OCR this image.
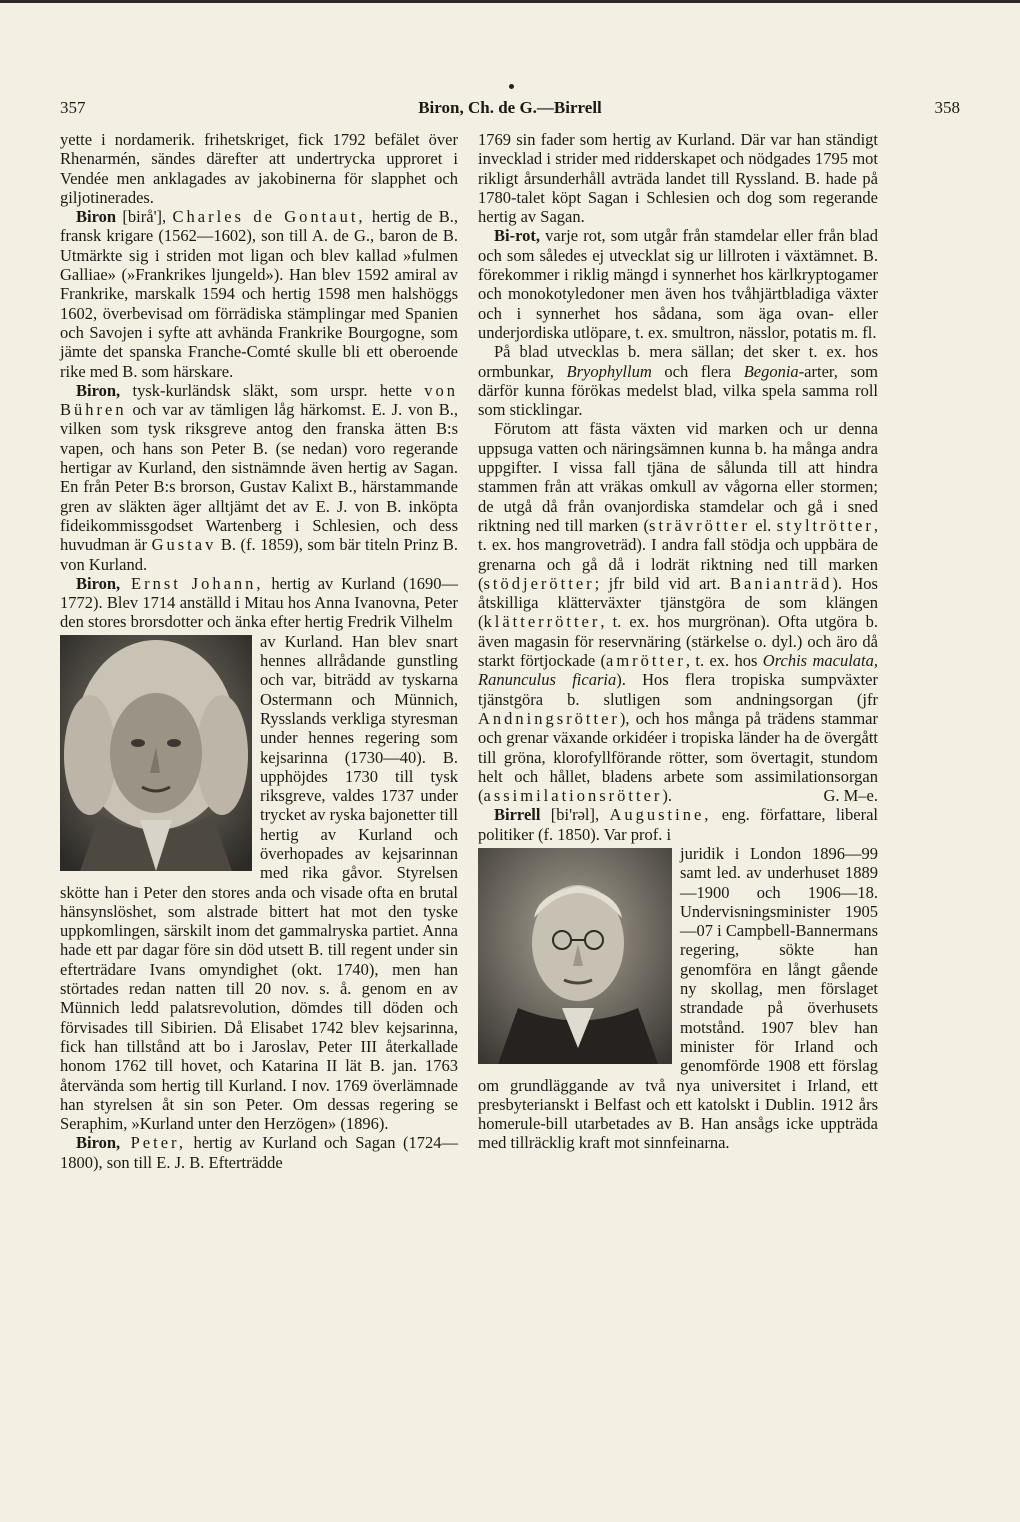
357	Biron, Ch. de G.—Birrell	358

yette i nordamerik. frihetskriget, fick 1792 befälet över Rhenarmén, sändes därefter att undertrycka upproret i Vendée men anklagades av jakobinerna för slapphet och giljotinerades.

Biron [birå'], Charles de Gontaut, hertig de B., fransk krigare (1562—1602), son till A. de G., baron de B. Utmärkte sig i striden mot ligan och blev kallad »fulmen Galliae» (»Frankrikes ljungeld»). Han blev 1592 amiral av Frankrike, marskalk 1594 och hertig 1598 men halshöggs 1602, överbevisad om förrädiska stämplingar med Spanien och Savojen i syfte att avhända Frankrike Bourgogne, som jämte det spanska Franche-Comté skulle bli ett oberoende rike med B. som härskare.

Biron, tysk-kurländsk släkt, som urspr. hette von Bühren och var av tämligen låg härkomst. E. J. von B., vilken som tysk riksgreve antog den franska ätten B:s vapen, och hans son Peter B. (se nedan) voro regerande hertigar av Kurland, den sistnämnde även hertig av Sagan. En från Peter B:s brorson, Gustav Kalixt B., härstammande gren av släkten äger alltjämt det av E. J. von B. inköpta fideikommissgodset Wartenberg i Schlesien, och dess huvudman är Gustav B. (f. 1859), som bär titeln Prinz B. von Kurland.

Biron, Ernst Johann, hertig av Kurland (1690—1772). Blev 1714 anställd i Mitau hos Anna Ivanovna, Peter den stores brorsdotter och änka efter hertig Fredrik Vilhelm

av Kurland. Han blev snart hennes allrådande gunstling och var, biträdd av tyskarna Ostermann och Münnich, Rysslands verkliga styresman under hennes regering som kejsarinna (1730—40). B. upphöjdes 1730 till tysk riksgreve, valdes 1737 under trycket av ryska bajonetter till hertig av Kurland och överhopades av kejsarinnan med rika gåvor. Styrelsen skötte han i Peter den stores anda och visade ofta en brutal hänsynslöshet, som alstrade bittert hat mot den tyske uppkomlingen, särskilt inom det gammalryska partiet. Anna hade ett par dagar före sin död utsett B. till regent under sin efterträdare Ivans omyndighet (okt. 1740), men han störtades redan natten till 20 nov. s. å. genom en av Münnich ledd palatsrevolution, dömdes till döden och förvisades till Sibirien. Då Elisabet 1742 blev kejsarinna, fick han tillstånd att bo i Jaroslav, Peter III återkallade honom 1762 till hovet, och Katarina II lät B. jan. 1763 återvända som hertig till Kurland. I nov. 1769 överlämnade han styrelsen åt sin son Peter. Om dessas regering se Seraphim, »Kurland unter den Herzögen» (1896).

Biron, Peter, hertig av Kurland och Sagan (1724—1800), son till E. J. B. Efterträdde

1769 sin fader som hertig av Kurland. Där var han ständigt invecklad i strider med ridderskapet och nödgades 1795 mot rikligt årsunderhåll avträda landet till Ryssland. B. hade på 1780-talet köpt Sagan i Schlesien och dog som regerande hertig av Sagan.

Bi-rot, varje rot, som utgår från stamdelar eller från blad och som således ej utvecklat sig ur lillroten i växtämnet. B. förekommer i riklig mängd i synnerhet hos kärlkryptogamer och monokotyledoner men även hos tvåhjärtbladiga växter och i synnerhet hos sådana, som äga ovan- eller underjordiska utlöpare, t. ex. smultron, nässlor, potatis m. fl.

På blad utvecklas b. mera sällan; det sker t. ex. hos ormbunkar, Bryophyllum och flera Begonia-arter, som därför kunna förökas medelst blad, vilka spela samma roll som sticklingar.

Förutom att fästa växten vid marken och ur denna uppsuga vatten och näringsämnen kunna b. ha många andra uppgifter. I vissa fall tjäna de sålunda till att hindra stammen från att vräkas omkull av vågorna eller stormen; de utgå då från ovanjordiska stamdelar och gå i sned riktning ned till marken (strävrötter el. styltrötter, t. ex. hos mangroveträd). I andra fall stödja och uppbära de grenarna och gå då i lodrät riktning ned till marken (stödjerötter; jfr bild vid art. Banianträd). Hos åtskilliga klätterväxter tjänstgöra de som klängen (klätterrötter, t. ex. hos murgrönan). Ofta utgöra b. även magasin för reservnäring (stärkelse o. dyl.) och äro då starkt förtjockade (amrötter, t. ex. hos Orchis maculata, Ranunculus ficaria). Hos flera tropiska sumpväxter tjänstgöra b. slutligen som andningsorgan (jfr Andningsrötter), och hos många på trädens stammar och grenar växande orkidéer i tropiska länder ha de övergått till gröna, klorofyllförande rötter, som övertagit, stundom helt och hållet, bladens arbete som assimilationsorgan (assimilationsrötter).	G. M–e.

Birrell [bi'rəl], Augustine, eng. författare, liberal politiker (f. 1850). Var prof. i

juridik i London 1896—99 samt led. av underhuset 1889—1900 och 1906—18. Undervisningsminister 1905—07 i Campbell-Bannermans regering, sökte han genomföra en långt gående ny skollag, men förslaget strandade på överhusets motstånd. 1907 blev han minister för Irland och genomförde 1908 ett förslag om grundläggande av två nya universitet i Irland, ett presbyterianskt i Belfast och ett katolskt i Dublin. 1912 års homerule-bill utarbetades av B. Han ansågs icke uppträda med tillräcklig kraft mot sinnfeinarna.
